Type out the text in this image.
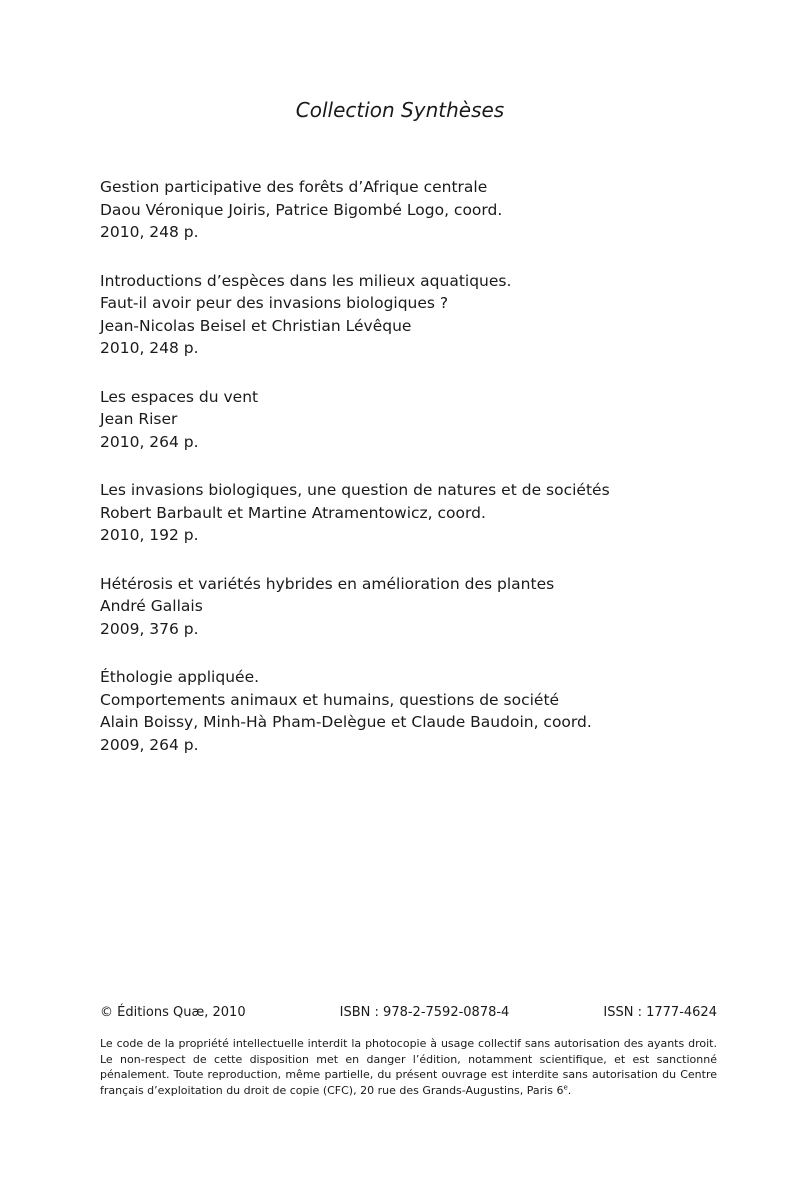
Collection Synthèses
Gestion participative des forêts d’Afrique centrale
Daou Véronique Joiris, Patrice Bigombé Logo, coord.
2010, 248 p.
Introductions d’espèces dans les milieux aquatiques.
Faut-il avoir peur des invasions biologiques ?
Jean-Nicolas Beisel et Christian Lévêque
2010, 248 p.
Les espaces du vent
Jean Riser
2010, 264 p.
Les invasions biologiques, une question de natures et de sociétés
Robert Barbault et Martine Atramentowicz, coord.
2010, 192 p.
Hétérosis et variétés hybrides en amélioration des plantes
André Gallais
2009, 376 p.
Éthologie appliquée.
Comportements animaux et humains, questions de société
Alain Boissy, Minh-Hà Pham-Delègue et Claude Baudoin, coord.
2009, 264 p.
© Éditions Quæ, 2010	ISBN : 978-2-7592-0878-4	ISSN : 1777-4624

Le code de la propriété intellectuelle interdit la photocopie à usage collectif sans autorisation des ayants droit. Le non-respect de cette disposition met en danger l’édition, notamment scientifique, et est sanctionné pénalement. Toute reproduction, même partielle, du présent ouvrage est interdite sans autorisation du Centre français d’exploitation du droit de copie (CFC), 20 rue des Grands-Augustins, Paris 6e.
